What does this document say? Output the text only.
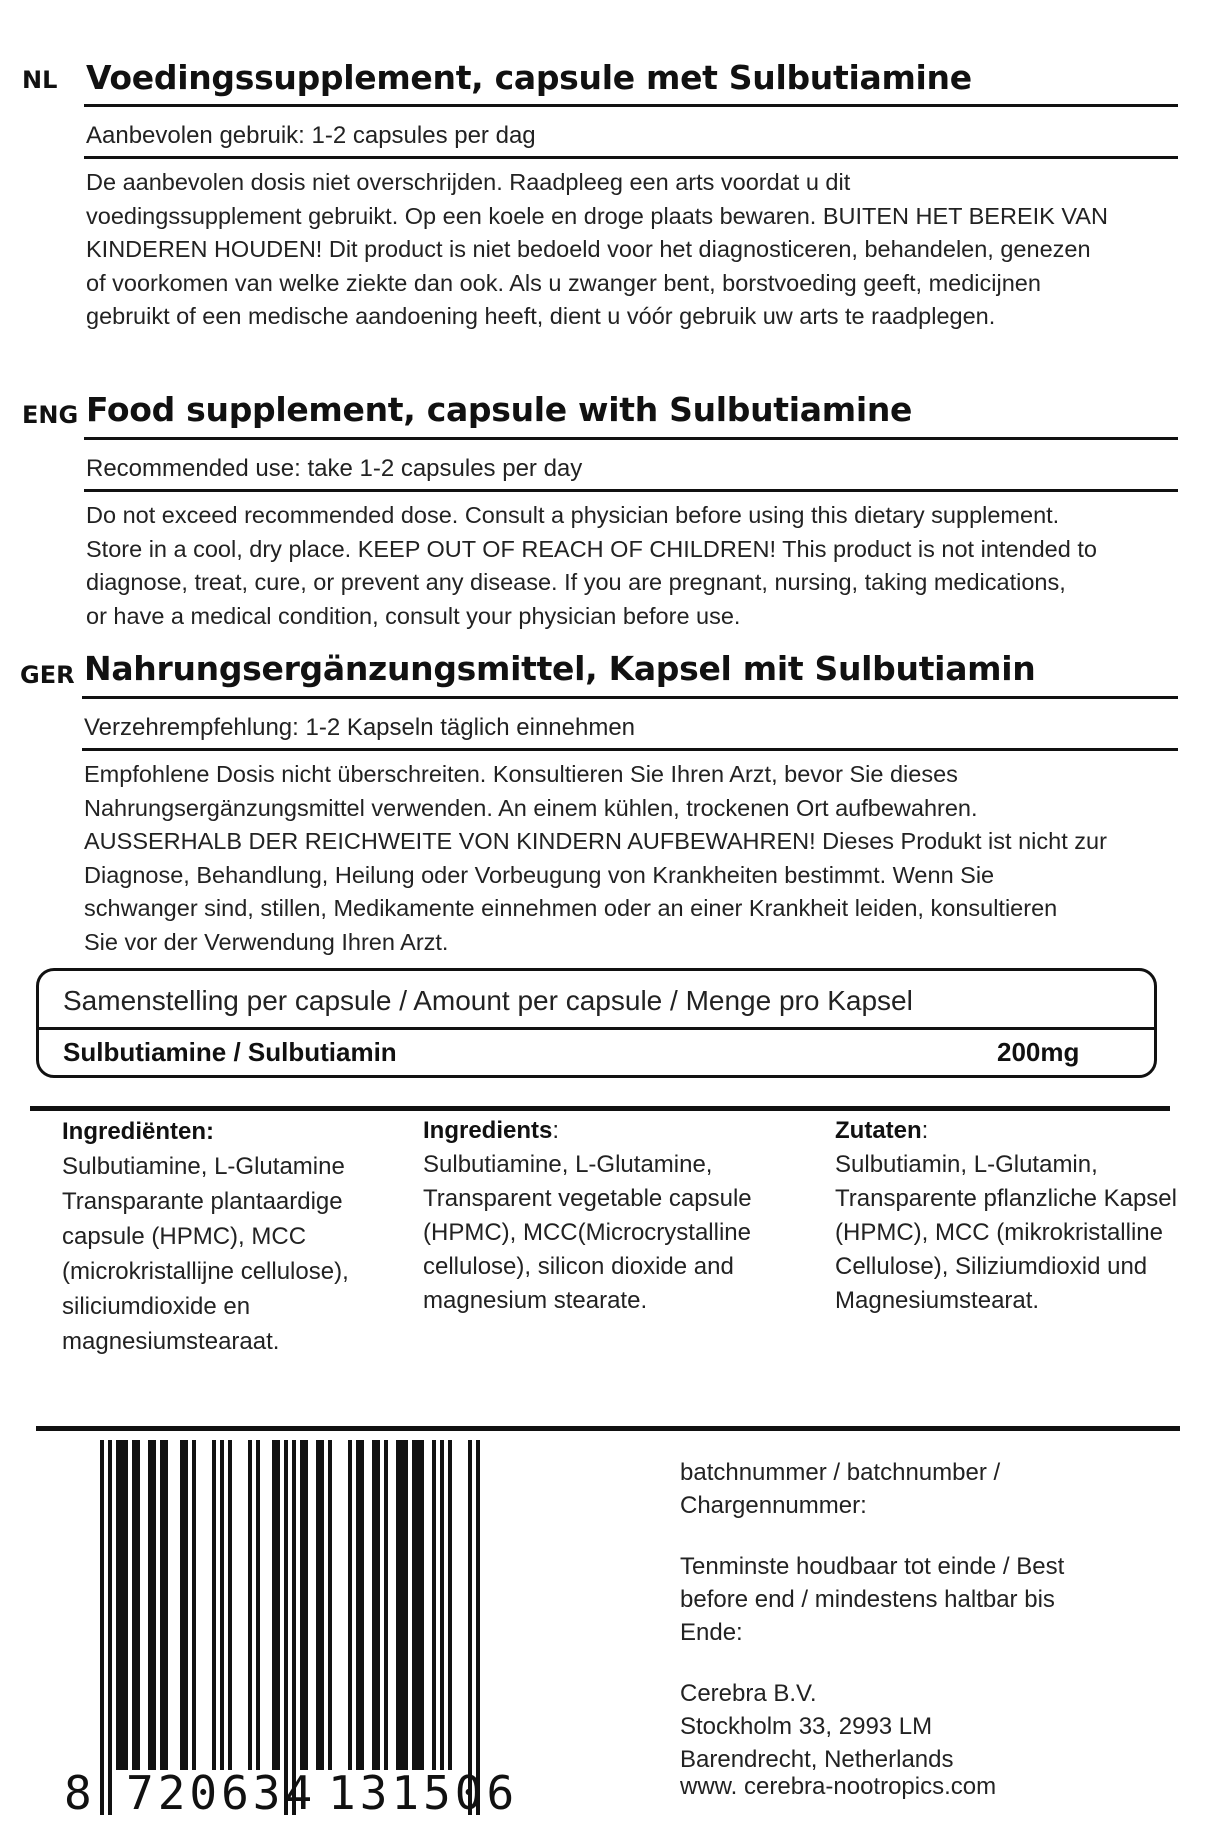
NL Voedingssupplement, capsule met Sulbutiamine
Aanbevolen gebruik: 1-2 capsules per dag
De aanbevolen dosis niet overschrijden. Raadpleeg een arts voordat u dit
voedingssupplement gebruikt. Op een koele en droge plaats bewaren. BUITEN HET BEREIK VAN
KINDEREN HOUDEN! Dit product is niet bedoeld voor het diagnosticeren, behandelen, genezen
of voorkomen van welke ziekte dan ook. Als u zwanger bent, borstvoeding geeft, medicijnen
gebruikt of een medische aandoening heeft, dient u vóór gebruik uw arts te raadplegen.
ENG Food supplement, capsule with Sulbutiamine
Recommended use: take 1-2 capsules per day
Do not exceed recommended dose. Consult a physician before using this dietary supplement.
Store in a cool, dry place. KEEP OUT OF REACH OF CHILDREN! This product is not intended to
diagnose, treat, cure, or prevent any disease. If you are pregnant, nursing, taking medications,
or have a medical condition, consult your physician before use.
GER Nahrungsergänzungsmittel, Kapsel mit Sulbutiamin
Verzehrempfehlung: 1-2 Kapseln täglich einnehmen
Empfohlene Dosis nicht überschreiten. Konsultieren Sie Ihren Arzt, bevor Sie dieses
Nahrungsergänzungsmittel verwenden. An einem kühlen, trockenen Ort aufbewahren.
AUSSERHALB DER REICHWEITE VON KINDERN AUFBEWAHREN! Dieses Produkt ist nicht zur
Diagnose, Behandlung, Heilung oder Vorbeugung von Krankheiten bestimmt. Wenn Sie
schwanger sind, stillen, Medikamente einnehmen oder an einer Krankheit leiden, konsultieren
Sie vor der Verwendung Ihren Arzt.
Samenstelling per capsule / Amount per capsule / Menge pro Kapsel
Sulbutiamine / Sulbutiamin	200mg
Ingrediënten:
Sulbutiamine, L-Glutamine
Transparante plantaardige
capsule (HPMC), MCC
(microkristallijne cellulose),
siliciumdioxide en
magnesiumstearaat.
Ingredients:
Sulbutiamine, L-Glutamine,
Transparent vegetable capsule
(HPMC), MCC(Microcrystalline
cellulose), silicon dioxide and
magnesium stearate.
Zutaten:
Sulbutiamin, L-Glutamin,
Transparente pflanzliche Kapsel
(HPMC), MCC (mikrokristalline
Cellulose), Siliziumdioxid und
Magnesiumstearat.
8 720634 131506
batchnummer / batchnumber /
Chargennummer:
Tenminste houdbaar tot einde / Best
before end / mindestens haltbar bis
Ende:
Cerebra B.V.
Stockholm 33, 2993 LM
Barendrecht, Netherlands
www. cerebra-nootropics.com
